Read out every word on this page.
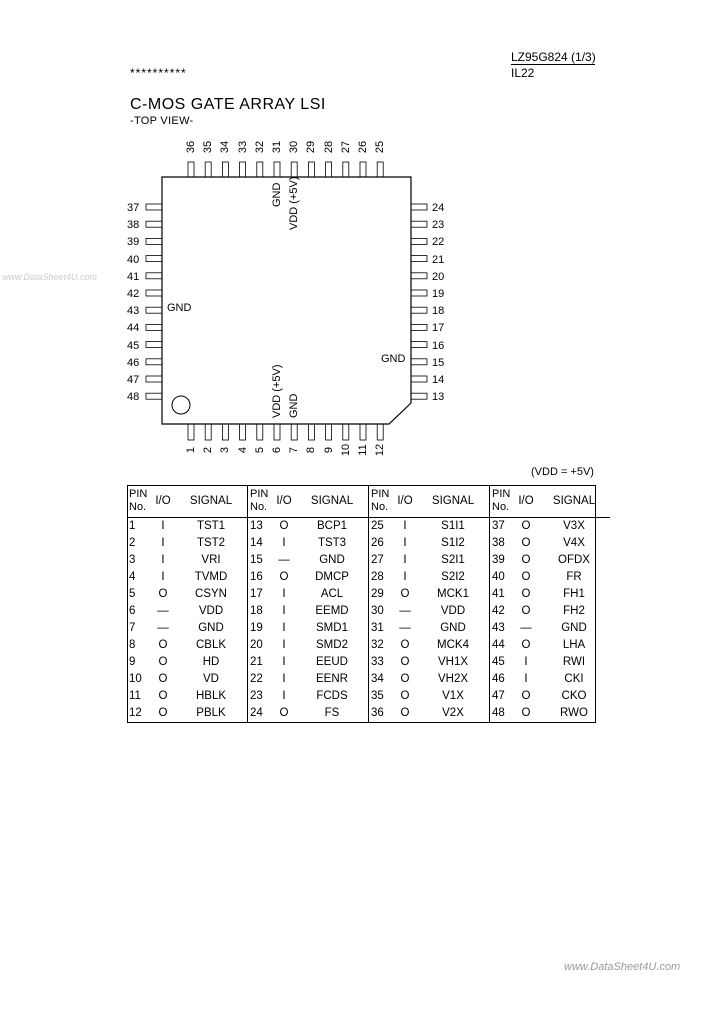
LZ95G824 (1/3)
IL22
**********
C-MOS GATE ARRAY LSI
-TOP VIEW-
www.DataSheet4U.com
36 35 34 33 32 31 30 29 28 27 26 25
1 2 3 4 5 6 7 8 9 10 11 12
37
38
39
40
41
42
43
44
45
46
47
48
24
23
22
21
20
19
18
17
16
15
14
13
GND VDD (+5V)
VDD (+5V) GND
GND
GND
(VDD = +5V)
PIN No.	I/O	SIGNAL	PIN No.	I/O	SIGNAL	PIN No.	I/O	SIGNAL	PIN No.	I/O	SIGNAL
1	I	TST1	13	O	BCP1	25	I	S1I1	37	O	V3X
2	I	TST2	14	I	TST3	26	I	S1I2	38	O	V4X
3	I	VRI	15	—	GND	27	I	S2I1	39	O	OFDX
4	I	TVMD	16	O	DMCP	28	I	S2I2	40	O	FR
5	O	CSYN	17	I	ACL	29	O	MCK1	41	O	FH1
6	—	VDD	18	I	EEMD	30	—	VDD	42	O	FH2
7	—	GND	19	I	SMD1	31	—	GND	43	—	GND
8	O	CBLK	20	I	SMD2	32	O	MCK4	44	O	LHA
9	O	HD	21	I	EEUD	33	O	VH1X	45	I	RWI
10	O	VD	22	I	EENR	34	O	VH2X	46	I	CKI
11	O	HBLK	23	I	FCDS	35	O	V1X	47	O	CKO
12	O	PBLK	24	O	FS	36	O	V2X	48	O	RWO
www.DataSheet4U.com
